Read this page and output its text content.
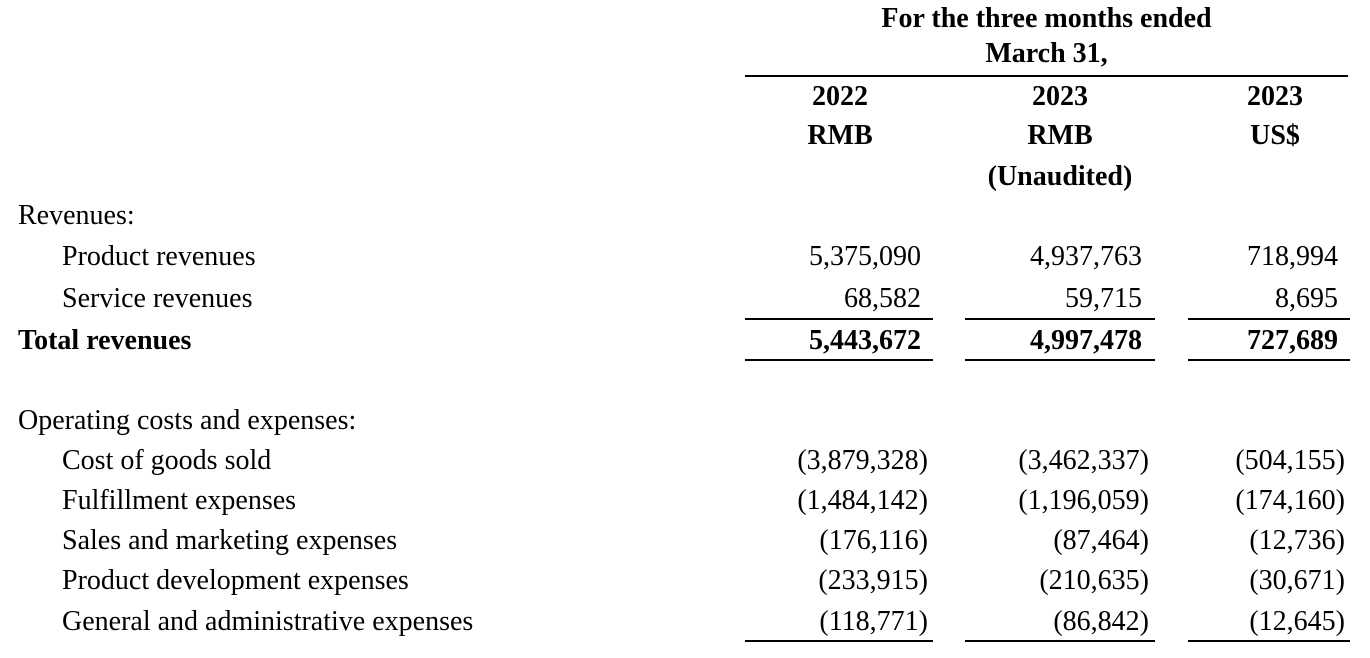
For the three months ended
March 31,
2022
RMB
2023
RMB
(Unaudited)
2023
US$
Revenues:
Product revenues	5,375,090	4,937,763	718,994
Service revenues	68,582	59,715	8,695
Total revenues	5,443,672	4,997,478	727,689
Operating costs and expenses:
Cost of goods sold	(3,879,328)	(3,462,337)	(504,155)
Fulfillment expenses	(1,484,142)	(1,196,059)	(174,160)
Sales and marketing expenses	(176,116)	(87,464)	(12,736)
Product development expenses	(233,915)	(210,635)	(30,671)
General and administrative expenses	(118,771)	(86,842)	(12,645)
